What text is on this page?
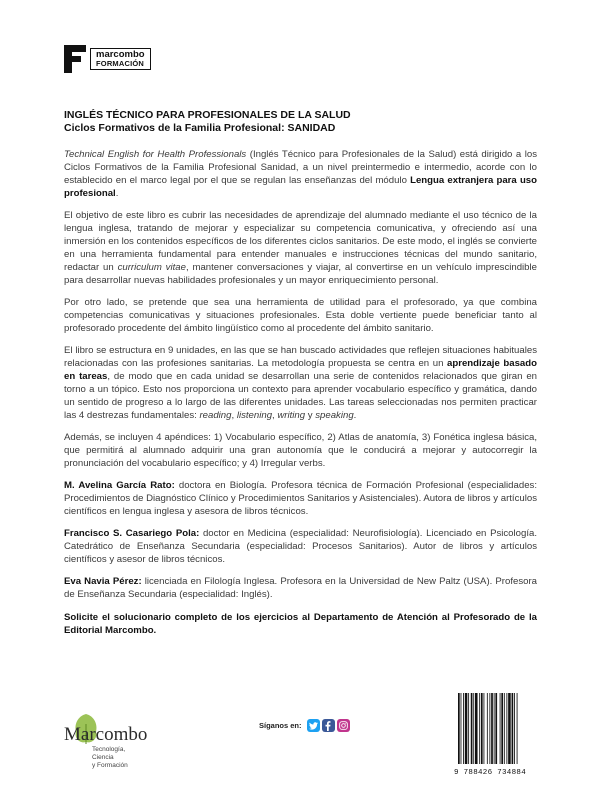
marcombo
FORMACIÓN
INGLÉS TÉCNICO PARA PROFESIONALES DE LA SALUD
Ciclos Formativos de la Familia Profesional: SANIDAD

Technical English for Health Professionals (Inglés Técnico para Profesionales de la Salud) está dirigido a los Ciclos Formativos de la Familia Profesional Sanidad, a un nivel preintermedio e intermedio, acorde con lo establecido en el marco legal por el que se regulan las enseñanzas del módulo Lengua extranjera para uso profesional.

El objetivo de este libro es cubrir las necesidades de aprendizaje del alumnado mediante el uso técnico de la lengua inglesa, tratando de mejorar y especializar su competencia comunicativa, y ofreciendo así una inmersión en los contenidos específicos de los diferentes ciclos sanitarios. De este modo, el inglés se convierte en una herramienta fundamental para entender manuales e instrucciones técnicas del mundo sanitario, redactar un curriculum vitae, mantener conversaciones y viajar, al convertirse en un vehículo imprescindible para desarrollar nuevas habilidades profesionales y un mayor enriquecimiento personal.

Por otro lado, se pretende que sea una herramienta de utilidad para el profesorado, ya que combina competencias comunicativas y situaciones profesionales. Esta doble vertiente puede beneficiar tanto al profesorado procedente del ámbito lingüístico como al procedente del ámbito sanitario.

El libro se estructura en 9 unidades, en las que se han buscado actividades que reflejen situaciones habituales relacionadas con las profesiones sanitarias. La metodología propuesta se centra en un aprendizaje basado en tareas, de modo que en cada unidad se desarrollan una serie de contenidos relacionados que giran en torno a un tópico. Esto nos proporciona un contexto para aprender vocabulario específico y gramática, dando un sentido de progreso a lo largo de las diferentes unidades. Las tareas seleccionadas nos permiten practicar las 4 destrezas fundamentales: reading, listening, writing y speaking.

Además, se incluyen 4 apéndices: 1) Vocabulario específico, 2) Atlas de anatomía, 3) Fonética inglesa básica, que permitirá al alumnado adquirir una gran autonomía que le conducirá a mejorar y autocorregir la pronunciación del vocabulario específico; y 4) Irregular verbs.

M. Avelina García Rato: doctora en Biología. Profesora técnica de Formación Profesional (especialidades: Procedimientos de Diagnóstico Clínico y Procedimientos Sanitarios y Asistenciales). Autora de libros y artículos científicos en lengua inglesa y asesora de libros técnicos.

Francisco S. Casariego Pola: doctor en Medicina (especialidad: Neurofisiología). Licenciado en Psicología. Catedrático de Enseñanza Secundaria (especialidad: Procesos Sanitarios). Autor de libros y artículos científicos y asesor de libros técnicos.

Eva Navia Pérez: licenciada en Filología Inglesa. Profesora en la Universidad de New Paltz (USA). Profesora de Enseñanza Secundaria (especialidad: Inglés).

Solicite el solucionario completo de los ejercicios al Departamento de Atención al Profesorado de la Editorial Marcombo.

Marcombo
Tecnología,
Ciencia
y Formación
Síganos en:
9 788426 734884
